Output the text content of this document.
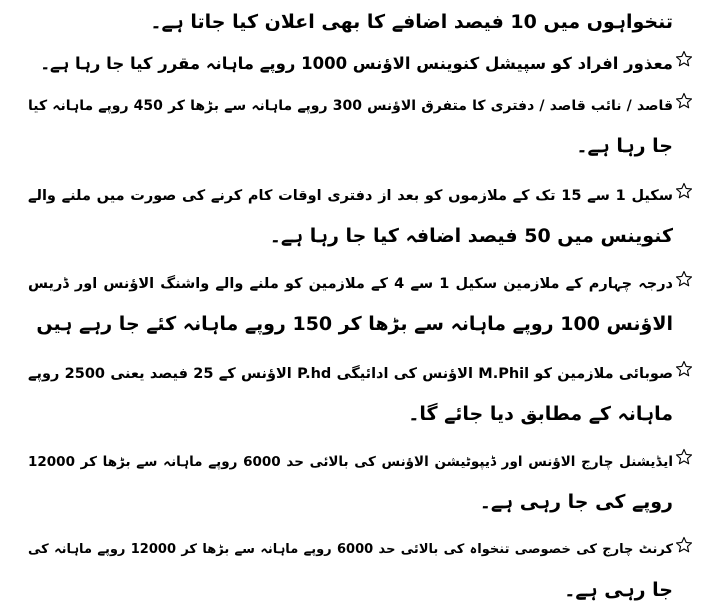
تنخواہوں میں 10 فیصد اضافے کا بھی اعلان کیا جاتا ہے۔
معذور افراد کو سپیشل کنوینس الاؤنس 1000 روپے ماہانہ مقرر کیا جا رہا ہے۔
قاصد / نائب قاصد / دفتری کا متفرق الاؤنس 300 روپے ماہانہ سے بڑھا کر 450 روپے ماہانہ کیا
جا رہا ہے۔
سکیل 1 سے 15 تک کے ملازموں کو بعد از دفتری اوقات کام کرنے کی صورت میں ملنے والے
کنوینس میں 50 فیصد اضافہ کیا جا رہا ہے۔
درجہ چہارم کے ملازمین سکیل 1 سے 4 کے ملازمین کو ملنے والے واشنگ الاؤنس اور ڈریس
الاؤنس 100 روپے ماہانہ سے بڑھا کر 150 روپے ماہانہ کئے جا رہے ہیں
صوبائی ملازمین کو M.Phil الاؤنس کی ادائیگی P.hd الاؤنس کے 25 فیصد یعنی 2500 روپے
ماہانہ کے مطابق دیا جائے گا۔
ایڈیشنل چارج الاؤنس اور ڈیپوٹیشن الاؤنس کی بالائی حد 6000 روپے ماہانہ سے بڑھا کر 12000
روپے کی جا رہی ہے۔
کرنٹ چارج کی خصوصی تنخواہ کی بالائی حد 6000 روپے ماہانہ سے بڑھا کر 12000 روپے ماہانہ کی
جا رہی ہے۔
